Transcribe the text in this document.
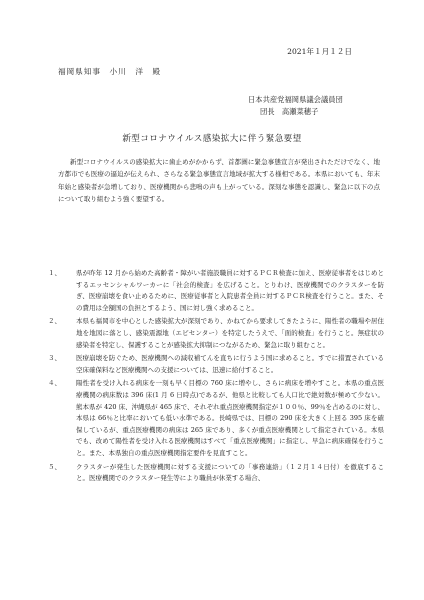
2021年１月１２日
福岡県知事　小川　洋　殿
日本共産党福岡県議会議員団
団長　高瀬菜穂子
新型コロナウイルス感染拡大に伴う緊急要望

新型コロナウイルスの感染拡大に歯止めがかからず、首都圏に緊急事態宣言が発出されただけでなく、地方都市でも医療の逼迫が伝えられ、さらなる緊急事態宣言地域が拡大する様相である。本県においても、年末年始と感染者が急増しており、医療機関から悲鳴の声も上がっている。深刻な事態を認識し、緊急に以下の点について取り組むよう強く要望する。

１、	県が昨年 12 月から始めた高齢者・障がい者施設職員に対するＰＣＲ検査に加え、医療従事者をはじめとするエッセンシャルワーカーに「社会的検査」を広げること。とりわけ、医療機関でのクラスターを防ぎ、医療崩壊を食い止めるために、医療従事者と入院患者全員に対するＰＣＲ検査を行うこと。また、その費用は全額国の負担とするよう、国に対し強く求めること。
２、	本県も福岡市を中心とした感染拡大が深刻であり、かねてから要求してきたように、陽性者の職場や居住地を地図に落とし、感染震源地（エピセンター）を特定したうえで、「面的検査」を行うこと。無症状の感染者を特定し、保護することが感染拡大抑制につながるため、緊急に取り組むこと。
３、	医療崩壊を防ぐため、医療機関への減収補てんを直ちに行うよう国に求めること。すでに措置されている空床確保料など医療機関への支援については、迅速に給付すること。
４、	陽性者を受け入れる病床を一刻も早く目標の 760 床に増やし、さらに病床を増やすこと。本県の重点医療機関の病床数は 396 床(1 月 6 日時点)であるが、他県と比較しても人口比で絶対数が極めて少ない。熊本県が 420 床、沖縄県が 465 床で、それぞれ重点医療機関指定が１００％、99％を占めるのに対し、本県は 66％と比率においても低い水準である。長崎県では、目標の 290 床を大きく上回る 395 床を確保しているが、重点医療機関の病床は 265 床であり、多くが重点医療機関として指定されている。本県でも、改めて陽性者を受け入れる医療機関はすべて「重点医療機関」に指定し、早急に病床確保を行うこと。また、本県独自の重点医療機関指定要件を見直すこと。
５、	クラスターが発生した医療機関に対する支援についての「事務連絡」（１２月１４日付）を徹底すること。医療機関でのクラスター発生等により職員が休業する場合、
